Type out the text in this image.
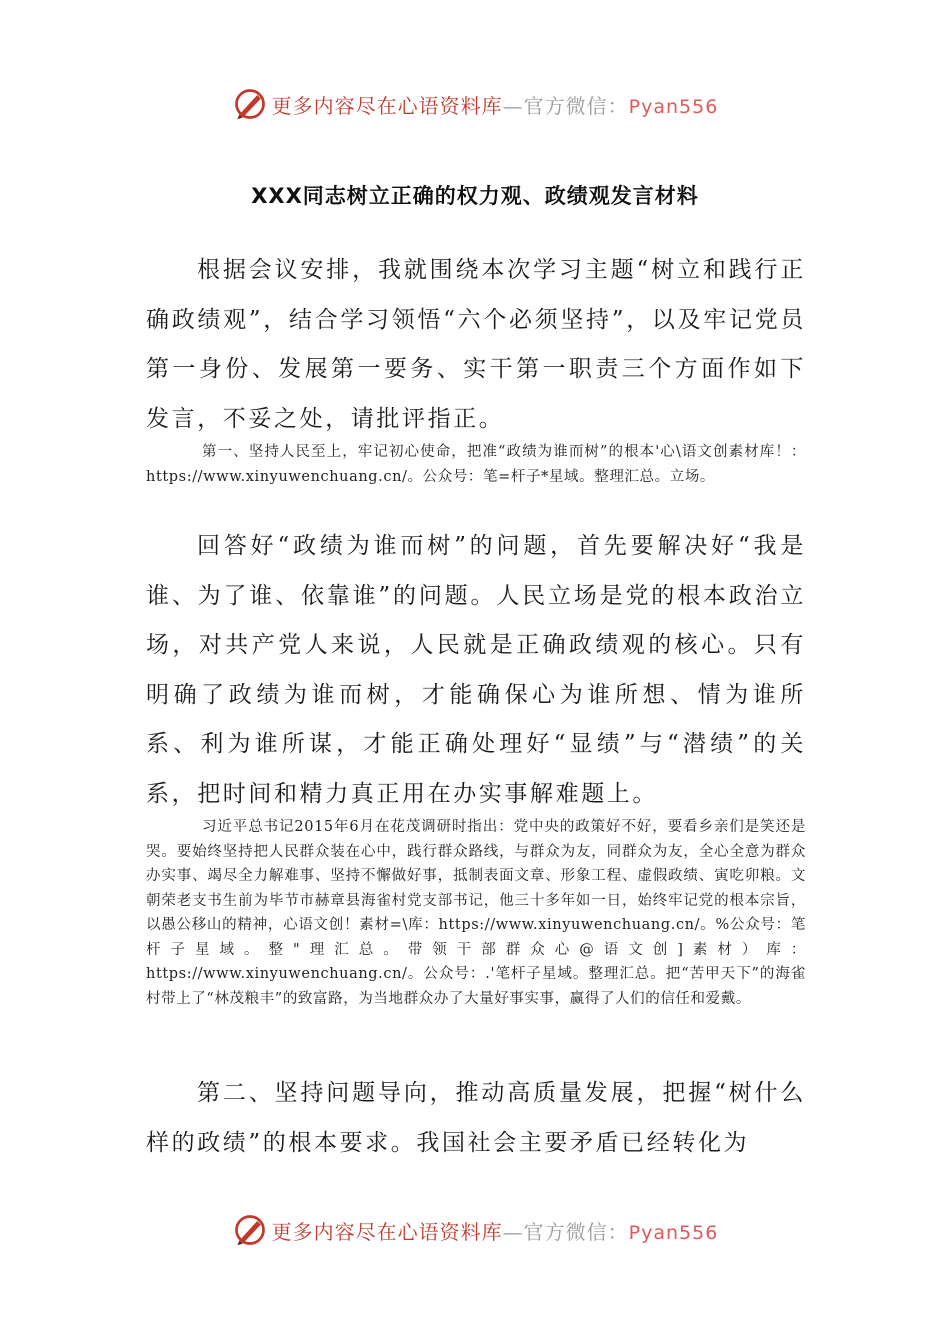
更多内容尽在心语资料库—官方微信：Pyan556
XXX同志树立正确的权力观、政绩观发言材料

根据会议安排，我就围绕本次学习主题“树立和践行正确政绩观”，结合学习领悟“六个必须坚持”，以及牢记党员第一身份、发展第一要务、实干第一职责三个方面作如下发言，不妥之处，请批评指正。

第一、坚持人民至上，牢记初心使命，把准“政绩为谁而树”的根本'心\语文创素材库！：https://www.xinyuwenchuang.cn/。公众号：笔=杆子*星域。整理汇总。立场。

回答好“政绩为谁而树”的问题，首先要解决好“我是谁、为了谁、依靠谁”的问题。人民立场是党的根本政治立场，对共产党人来说，人民就是正确政绩观的核心。只有明确了政绩为谁而树，才能确保心为谁所想、情为谁所系、利为谁所谋，才能正确处理好“显绩”与“潜绩”的关系，把时间和精力真正用在办实事解难题上。

习近平总书记2015年6月在花茂调研时指出：党中央的政策好不好，要看乡亲们是笑还是哭。要始终坚持把人民群众装在心中，践行群众路线，与群众为友，同群众为友，全心全意为群众办实事、竭尽全力解难事、坚持不懈做好事，抵制表面文章、形象工程、虚假政绩、寅吃卯粮。文朝荣老支书生前为毕节市赫章县海雀村党支部书记，他三十多年如一日，始终牢记党的根本宗旨，以愚公移山的精神，心语文创！素材=\库：https://www.xinyuwenchuang.cn/。%公众号：笔杆子星域。整"理汇总。带领干部群众心@语文创]素材）库：https://www.xinyuwenchuang.cn/。公众号：.'笔杆子星域。整理汇总。把“苦甲天下”的海雀村带上了“林茂粮丰”的致富路，为当地群众办了大量好事实事，赢得了人们的信任和爱戴。

第二、坚持问题导向，推动高质量发展，把握“树什么样的政绩”的根本要求。我国社会主要矛盾已经转化为

更多内容尽在心语资料库—官方微信：Pyan556
